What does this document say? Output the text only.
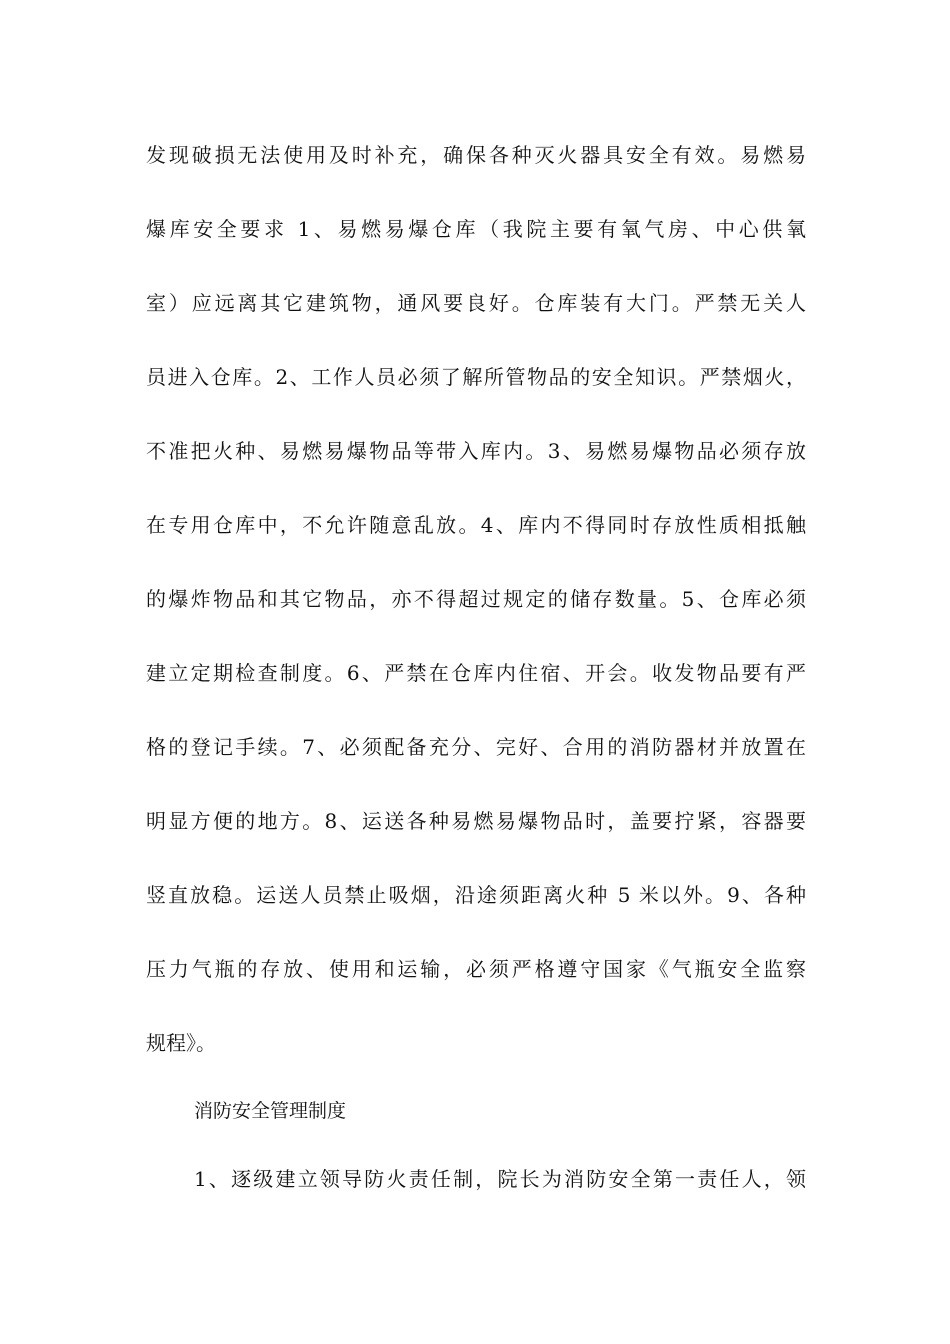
发现破损无法使用及时补充，确保各种灭火器具安全有效。易燃易
爆库安全要求 1、易燃易爆仓库（我院主要有氧气房、中心供氧
室）应远离其它建筑物，通风要良好。仓库装有大门。严禁无关人
员进入仓库。2、工作人员必须了解所管物品的安全知识。严禁烟火，
不准把火种、易燃易爆物品等带入库内。3、易燃易爆物品必须存放
在专用仓库中，不允许随意乱放。4、库内不得同时存放性质相抵触
的爆炸物品和其它物品，亦不得超过规定的储存数量。5、仓库必须
建立定期检查制度。6、严禁在仓库内住宿、开会。收发物品要有严
格的登记手续。7、必须配备充分、完好、合用的消防器材并放置在
明显方便的地方。8、运送各种易燃易爆物品时，盖要拧紧，容器要
竖直放稳。运送人员禁止吸烟，沿途须距离火种 5 米以外。9、各种
压力气瓶的存放、使用和运输，必须严格遵守国家《气瓶安全监察
规程》。
消防安全管理制度
1、逐级建立领导防火责任制，院长为消防安全第一责任人，领
